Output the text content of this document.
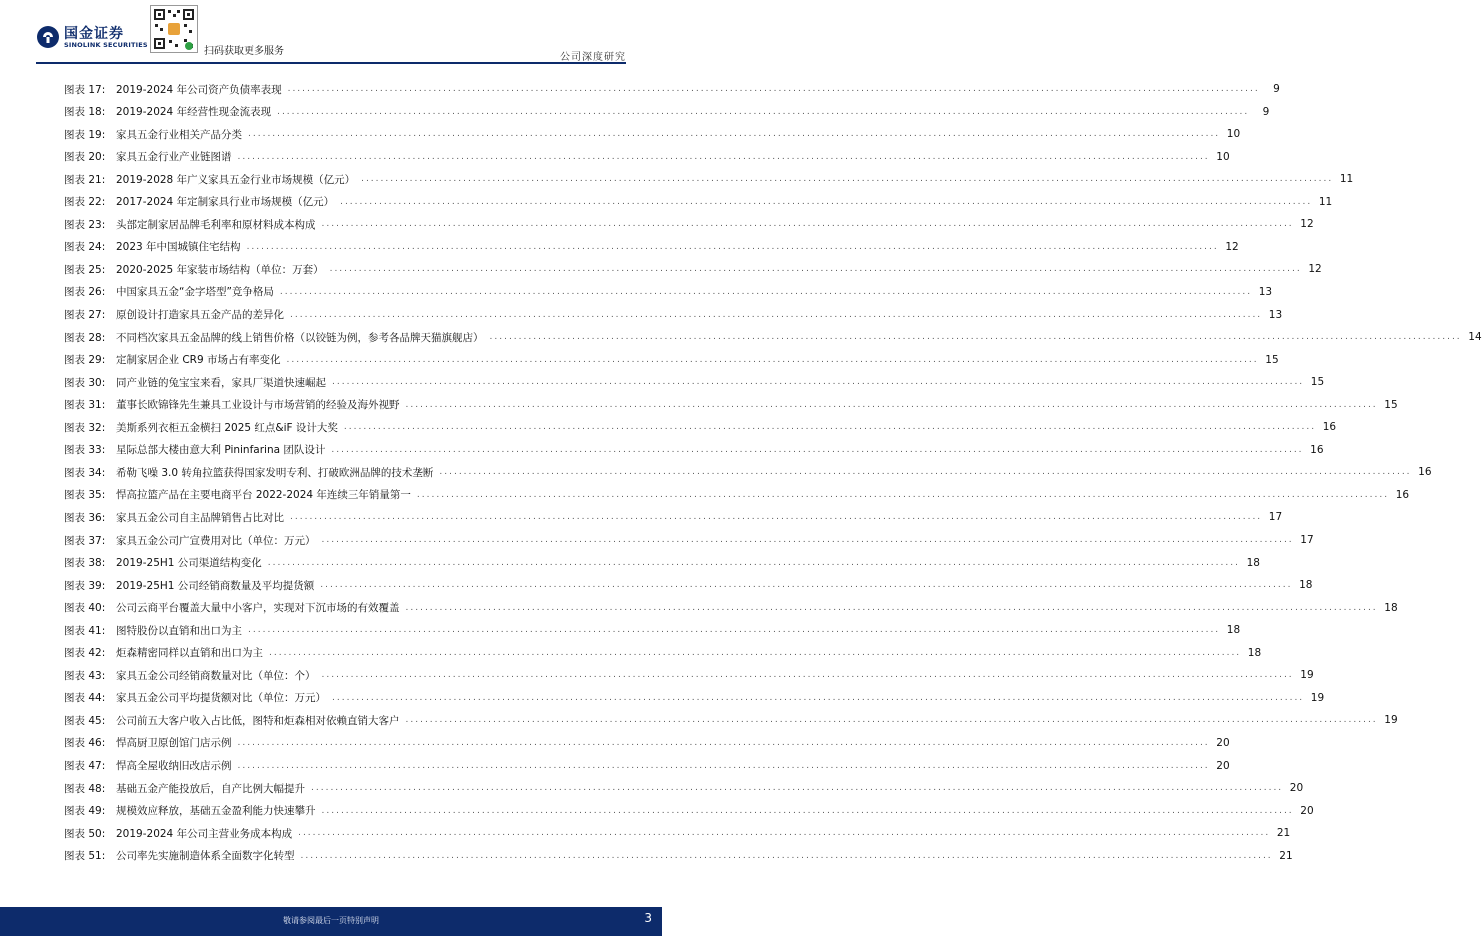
国金证券
SINOLINK SECURITIES
扫码获取更多服务
公司深度研究
图表 17:	2019-2024 年公司资产负债率表现 ........................................................................................................................................................................................................	9
图表 18:	2019-2024 年经营性现金流表现 ........................................................................................................................................................................................................	9
图表 19:	家具五金行业相关产品分类 ........................................................................................................................................................................................................ 10
图表 20:	家具五金行业产业链图谱 ........................................................................................................................................................................................................ 10
图表 21:	2019-2028 年广义家具五金行业市场规模（亿元） ........................................................................................................................................................................................................ 11
图表 22:	2017-2024 年定制家具行业市场规模（亿元） ........................................................................................................................................................................................................ 11
图表 23:	头部定制家居品牌毛利率和原材料成本构成 ........................................................................................................................................................................................................ 12
图表 24:	2023 年中国城镇住宅结构 ........................................................................................................................................................................................................ 12
图表 25:	2020-2025 年家装市场结构（单位：万套） ........................................................................................................................................................................................................ 12
图表 26:	中国家具五金“金字塔型”竞争格局 ........................................................................................................................................................................................................ 13
图表 27:	原创设计打造家具五金产品的差异化 ........................................................................................................................................................................................................ 13
图表 28:	不同档次家具五金品牌的线上销售价格（以铰链为例，参考各品牌天猫旗舰店） ........................................................................................................................................................................................................ 14
图表 29:	定制家居企业 CR9 市场占有率变化 ........................................................................................................................................................................................................ 15
图表 30:	同产业链的兔宝宝来看，家具厂渠道快速崛起 ........................................................................................................................................................................................................ 15
图表 31:	董事长欧锦锋先生兼具工业设计与市场营销的经验及海外视野 ........................................................................................................................................................................................................ 15
图表 32:	美斯系列衣柜五金横扫 2025 红点&iF 设计大奖 ........................................................................................................................................................................................................ 16
图表 33:	星际总部大楼由意大利 Pininfarina 团队设计 ........................................................................................................................................................................................................ 16
图表 34:	希勒飞噪 3.0 转角拉篮获得国家发明专利、打破欧洲品牌的技术垄断 ........................................................................................................................................................................................................ 16
图表 35:	悍高拉篮产品在主要电商平台 2022-2024 年连续三年销量第一 ........................................................................................................................................................................................................ 16
图表 36:	家具五金公司自主品牌销售占比对比 ........................................................................................................................................................................................................ 17
图表 37:	家具五金公司广宣费用对比（单位：万元） ........................................................................................................................................................................................................ 17
图表 38:	2019-25H1 公司渠道结构变化 ........................................................................................................................................................................................................ 18
图表 39:	2019-25H1 公司经销商数量及平均提货额 ........................................................................................................................................................................................................ 18
图表 40:	公司云商平台覆盖大量中小客户，实现对下沉市场的有效覆盖 ........................................................................................................................................................................................................ 18
图表 41:	图特股份以直销和出口为主 ........................................................................................................................................................................................................ 18
图表 42:	炬森精密同样以直销和出口为主 ........................................................................................................................................................................................................ 18
图表 43:	家具五金公司经销商数量对比（单位：个） ........................................................................................................................................................................................................ 19
图表 44:	家具五金公司平均提货额对比（单位：万元） ........................................................................................................................................................................................................ 19
图表 45:	公司前五大客户收入占比低，图特和炬森相对依赖直销大客户 ........................................................................................................................................................................................................ 19
图表 46:	悍高厨卫原创馆门店示例 ........................................................................................................................................................................................................ 20
图表 47:	悍高全屋收纳旧改店示例 ........................................................................................................................................................................................................ 20
图表 48:	基础五金产能投放后，自产比例大幅提升 ........................................................................................................................................................................................................ 20
图表 49:	规模效应释放，基础五金盈利能力快速攀升 ........................................................................................................................................................................................................ 20
图表 50:	2019-2024 年公司主营业务成本构成 ........................................................................................................................................................................................................ 21
图表 51:	公司率先实施制造体系全面数字化转型 ........................................................................................................................................................................................................ 21
敬请参阅最后一页特别声明	3
